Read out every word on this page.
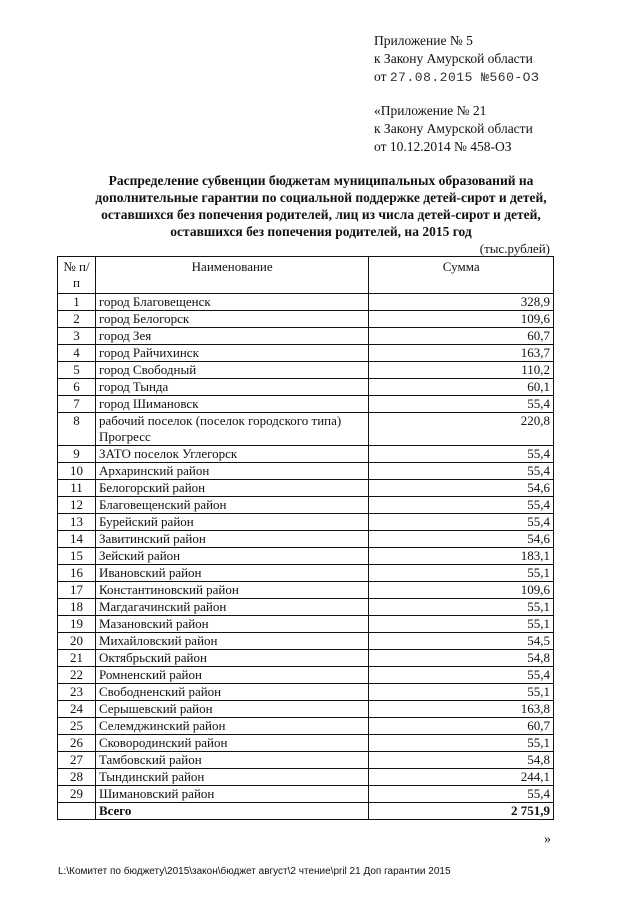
Приложение № 5
к Закону Амурской области
от 27.08.2015 №560-ОЗ
«Приложение № 21
к Закону Амурской области
от 10.12.2014 № 458-ОЗ
Распределение субвенции бюджетам муниципальных образований на
дополнительные гарантии по социальной поддержке детей-сирот и детей,
оставшихся без попечения родителей, лиц из числа детей-сирот и детей,
оставшихся без попечения родителей, на 2015 год
(тыс.рублей)
№ п/п	Наименование	Сумма
1	город Благовещенск	328,9
2	город Белогорск	109,6
3	город Зея	60,7
4	город Райчихинск	163,7
5	город Свободный	110,2
6	город Тында	60,1
7	город Шимановск	55,4
8	рабочий поселок (поселок городского типа) Прогресс	220,8
9	ЗАТО поселок Углегорск	55,4
10	Архаринский район	55,4
11	Белогорский район	54,6
12	Благовещенский район	55,4
13	Бурейский район	55,4
14	Завитинский район	54,6
15	Зейский район	183,1
16	Ивановский район	55,1
17	Константиновский район	109,6
18	Магдагачинский район	55,1
19	Мазановский район	55,1
20	Михайловский район	54,5
21	Октябрьский район	54,8
22	Ромненский район	55,4
23	Свободненский район	55,1
24	Серышевский район	163,8
25	Селемджинский район	60,7
26	Сковородинский район	55,1
27	Тамбовский район	54,8
28	Тындинский район	244,1
29	Шимановский район	55,4
	Всего	2 751,9
»
L:\Комитет по бюджету\2015\закон\бюджет август\2 чтение\pril 21 Доп гарантии 2015
